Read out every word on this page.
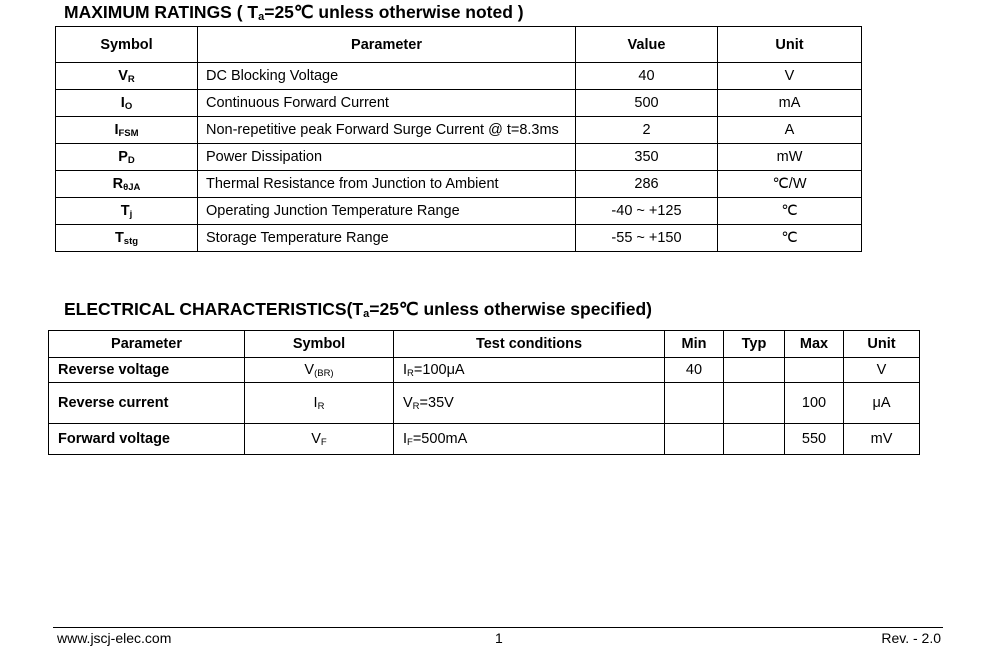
MAXIMUM RATINGS ( $T_a=25℃$ unless otherwise noted )
Symbol	Parameter	Value	Unit
$V_R$	DC Blocking Voltage	40	V
$I_O$	Continuous Forward Current	500	mA
$I_{FSM}$	Non-repetitive peak Forward Surge Current @ t=8.3ms	2	A
$P_D$	Power Dissipation	350	mW
$R_{\theta JA}$	Thermal Resistance from Junction to Ambient	286	℃/W
$T_j$	Operating Junction Temperature Range	-40 ~ +125	℃
$T_{stg}$	Storage Temperature Range	-55 ~ +150	℃
ELECTRICAL $CHARACTERISTICS(T_a=25℃$ unless otherwise specified)
Parameter	Symbol	Test conditions	Min	Typ	Max	Unit
Reverse voltage	$V_{(BR)}$	$I_R=100\mu A$	40			V
Reverse current	$I_R$	$V_R=35V$			100	μA
Forward voltage	$V_F$	$I_F=500mA$			550	mV
www.jscj-elec.com	1	Rev. - 2.0
